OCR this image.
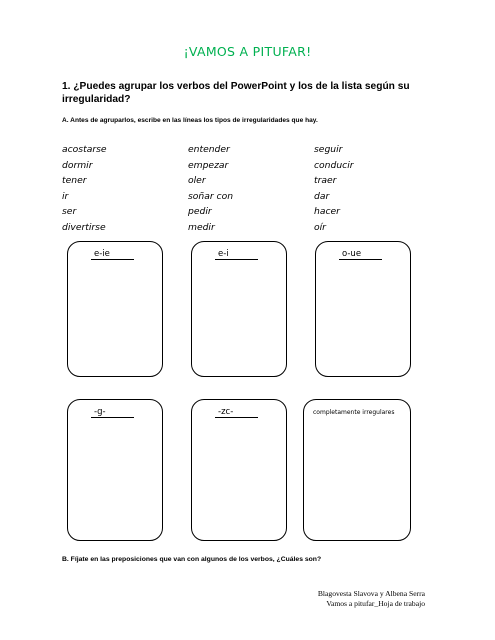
¡VAMOS A PITUFAR!
1. ¿Puedes agrupar los verbos del PowerPoint y los de la lista según su
irregularidad?
A. Antes de agruparlos, escribe en las líneas los tipos de irregularidades que hay.
acostarse
dormir
tener
ir
ser
divertirse
entender
empezar
oler
soñar con
pedir
medir
seguir
conducir
traer
dar
hacer
oír
e-ie	e-i	o-ue
-g-	-zc-	completamente irregulares
B. Fíjate en las preposiciones que van con algunos de los verbos, ¿Cuáles son?
Blagovesta Slavova y Albena Serra
Vamos a pitufar_Hoja de trabajo
